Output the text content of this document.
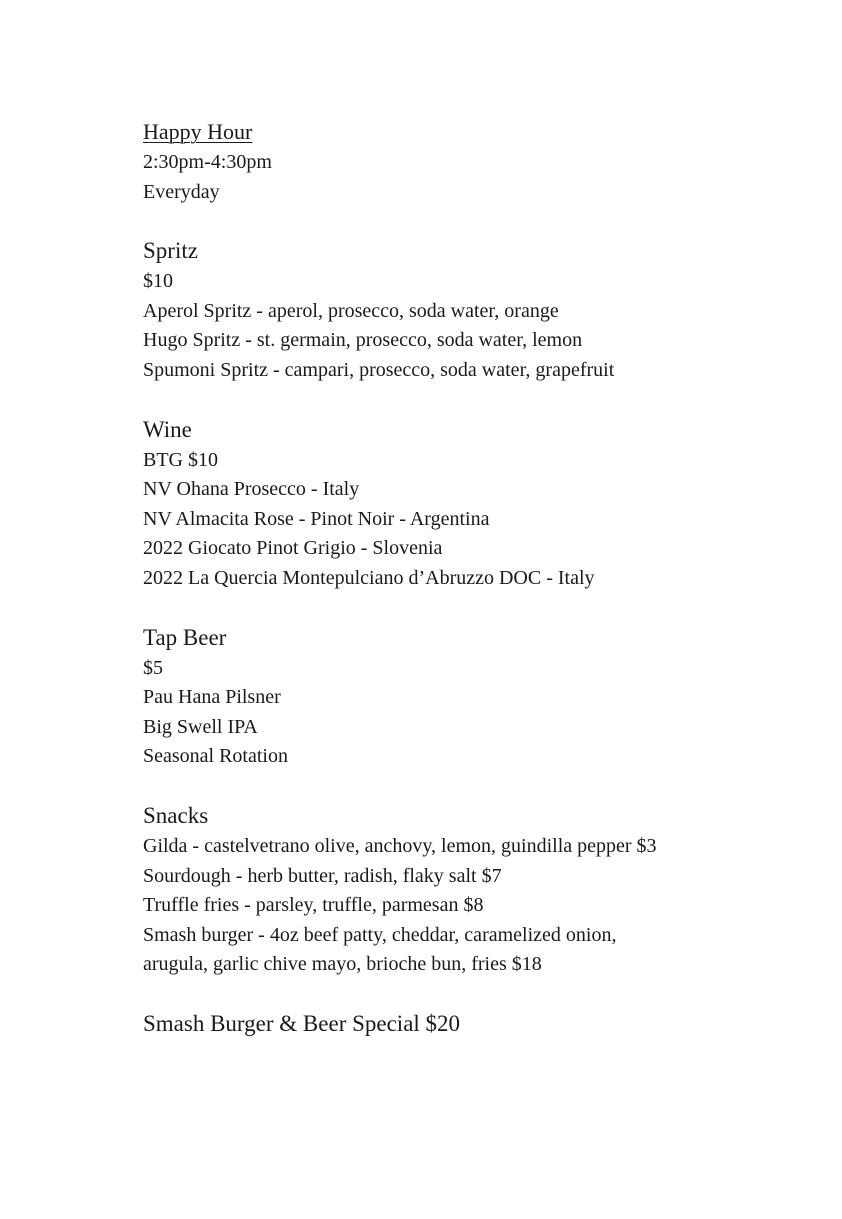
Happy Hour
2:30pm-4:30pm
Everyday
Spritz
$10
Aperol Spritz - aperol, prosecco, soda water, orange
Hugo Spritz - st. germain, prosecco, soda water, lemon
Spumoni Spritz - campari, prosecco, soda water, grapefruit
Wine
BTG $10
NV Ohana Prosecco - Italy
NV Almacita Rose - Pinot Noir - Argentina
2022 Giocato Pinot Grigio - Slovenia
2022 La Quercia Montepulciano d’Abruzzo DOC - Italy
Tap Beer
$5
Pau Hana Pilsner
Big Swell IPA
Seasonal Rotation
Snacks
Gilda - castelvetrano olive, anchovy, lemon, guindilla pepper $3
Sourdough - herb butter, radish, flaky salt $7
Truffle fries - parsley, truffle, parmesan $8
Smash burger - 4oz beef patty, cheddar, caramelized onion,
arugula, garlic chive mayo, brioche bun, fries $18
Smash Burger & Beer Special $20
